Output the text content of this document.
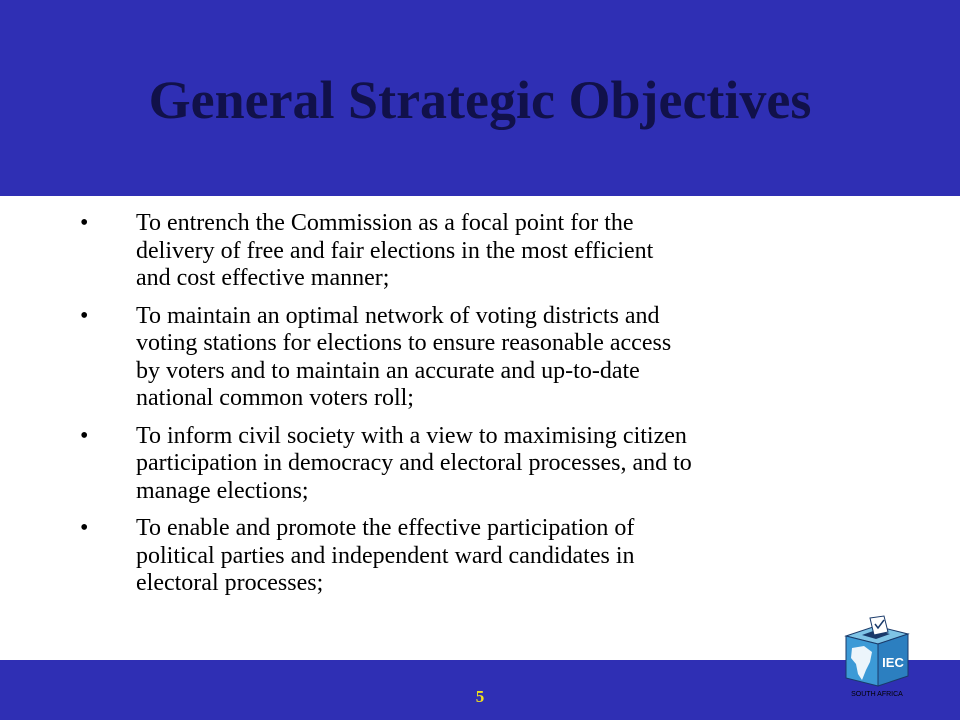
General Strategic Objectives
• To entrench the Commission as a focal point for the
delivery of free and fair elections in the most efficient
and cost effective manner;
• To maintain an optimal network of voting districts and
voting stations for elections to ensure reasonable access
by voters and to maintain an accurate and up-to-date
national common voters roll;
• To inform civil society with a view to maximising citizen
participation in democracy and electoral processes, and to
manage elections;
• To enable and promote the effective participation of
political parties and independent ward candidates in
electoral processes;
5
IEC
SOUTH AFRICA
